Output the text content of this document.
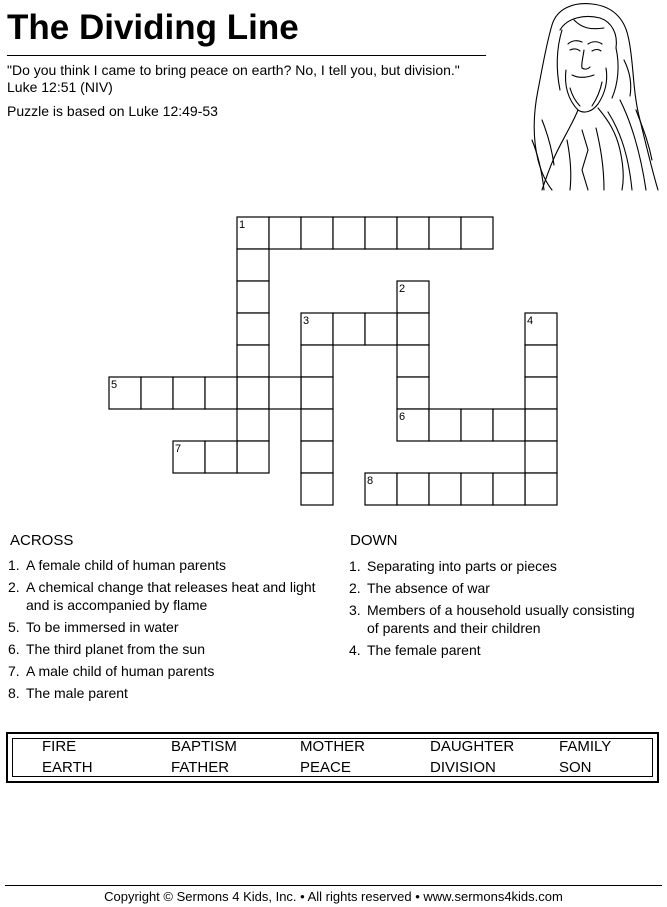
The Dividing Line
"Do you think I came to bring peace on earth? No, I tell you, but division." Luke 12:51 (NIV)
Puzzle is based on Luke 12:49-53
1
2
3	4
5
6
7
8
ACROSS
1. A female child of human parents
2. A chemical change that releases heat and light and is accompanied by flame
5. To be immersed in water
6. The third planet from the sun
7. A male child of human parents
8. The male parent
DOWN
1. Separating into parts or pieces
2. The absence of war
3. Members of a household usually consisting of parents and their children
4. The female parent
FIRE	BAPTISM	MOTHER	DAUGHTER	FAMILY
EARTH	FATHER	PEACE	DIVISION	SON
Copyright © Sermons 4 Kids, Inc. • All rights reserved • www.sermons4kids.com
